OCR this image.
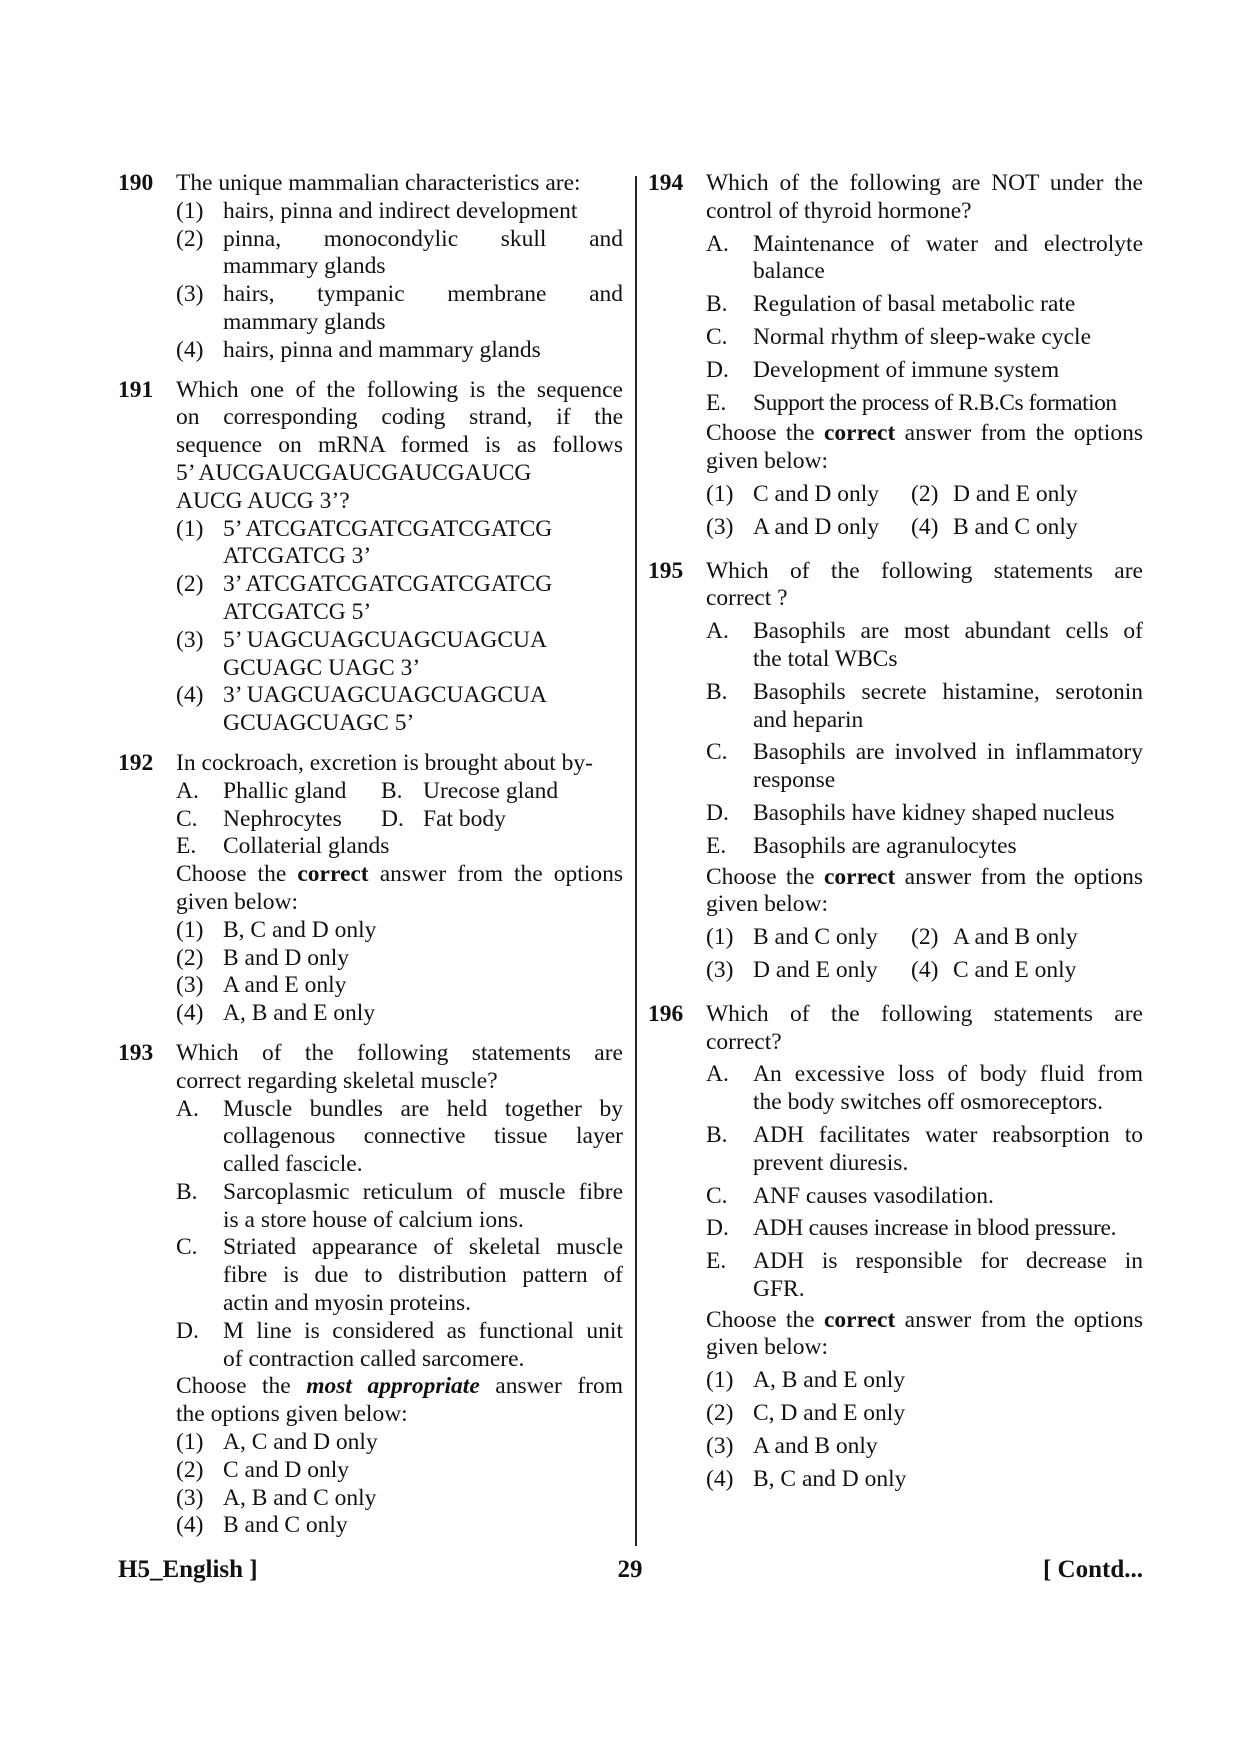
190 The unique mammalian characteristics are:
(1) hairs, pinna and indirect development
(2) pinna, monocondylic skull and
mammary glands
(3) hairs, tympanic membrane and
mammary glands
(4) hairs, pinna and mammary glands
191 Which one of the following is the sequence
on corresponding coding strand, if the
sequence on mRNA formed is as follows
5’ AUCGAUCGAUCGAUCGAUCG
AUCG AUCG 3’?
(1) 5’ ATCGATCGATCGATCGATCG
ATCGATCG 3’
(2) 3’ ATCGATCGATCGATCGATCG
ATCGATCG 5’
(3) 5’ UAGCUAGCUAGCUAGCUA
GCUAGC UAGC 3’
(4) 3’ UAGCUAGCUAGCUAGCUA
GCUAGCUAGC 5’
192 In cockroach, excretion is brought about by-
A.	Phallic gland B. Urecose gland
C.	Nephrocytes D. Fat body
E.	Collaterial glands
Choose the correct answer from the options
given below:
(1) B, C and D only
(2) B and D only
(3) A and E only
(4) A, B and E only
193 Which of the following statements are
correct regarding skeletal muscle?
A.	Muscle bundles are held together by
collagenous connective tissue layer
called fascicle.
B.	Sarcoplasmic reticulum of muscle fibre
is a store house of calcium ions.
C.	Striated appearance of skeletal muscle
fibre is due to distribution pattern of
actin and myosin proteins.
D.	M line is considered as functional unit
of contraction called sarcomere.
Choose the most appropriate answer from
the options given below:
(1) A, C and D only
(2) C and D only
(3) A, B and C only
(4) B and C only
194 Which of the following are NOT under the
control of thyroid hormone?
A.	Maintenance of water and electrolyte
balance
B.	Regulation of basal metabolic rate
C.	Normal rhythm of sleep-wake cycle
D.	Development of immune system
E.	Support the process of R.B.Cs formation
Choose the correct answer from the options
given below:
(1) C and D only (2) D and E only
(3) A and D only (4) B and C only
195 Which of the following statements are
correct ?
A.	Basophils are most abundant cells of
the total WBCs
B.	Basophils secrete histamine, serotonin
and heparin
C.	Basophils are involved in inflammatory
response
D.	Basophils have kidney shaped nucleus
E.	Basophils are agranulocytes
Choose the correct answer from the options
given below:
(1) B and C only (2) A and B only
(3) D and E only (4) C and E only
196 Which of the following statements are
correct?
A.	An excessive loss of body fluid from
the body switches off osmoreceptors.
B.	ADH facilitates water reabsorption to
prevent diuresis.
C.	ANF causes vasodilation.
D.	ADH causes increase in blood pressure.
E.	ADH is responsible for decrease in
GFR.
Choose the correct answer from the options
given below:
(1) A, B and E only
(2) C, D and E only
(3) A and B only
(4) B, C and D only
H5_English ]	29	[ Contd...
